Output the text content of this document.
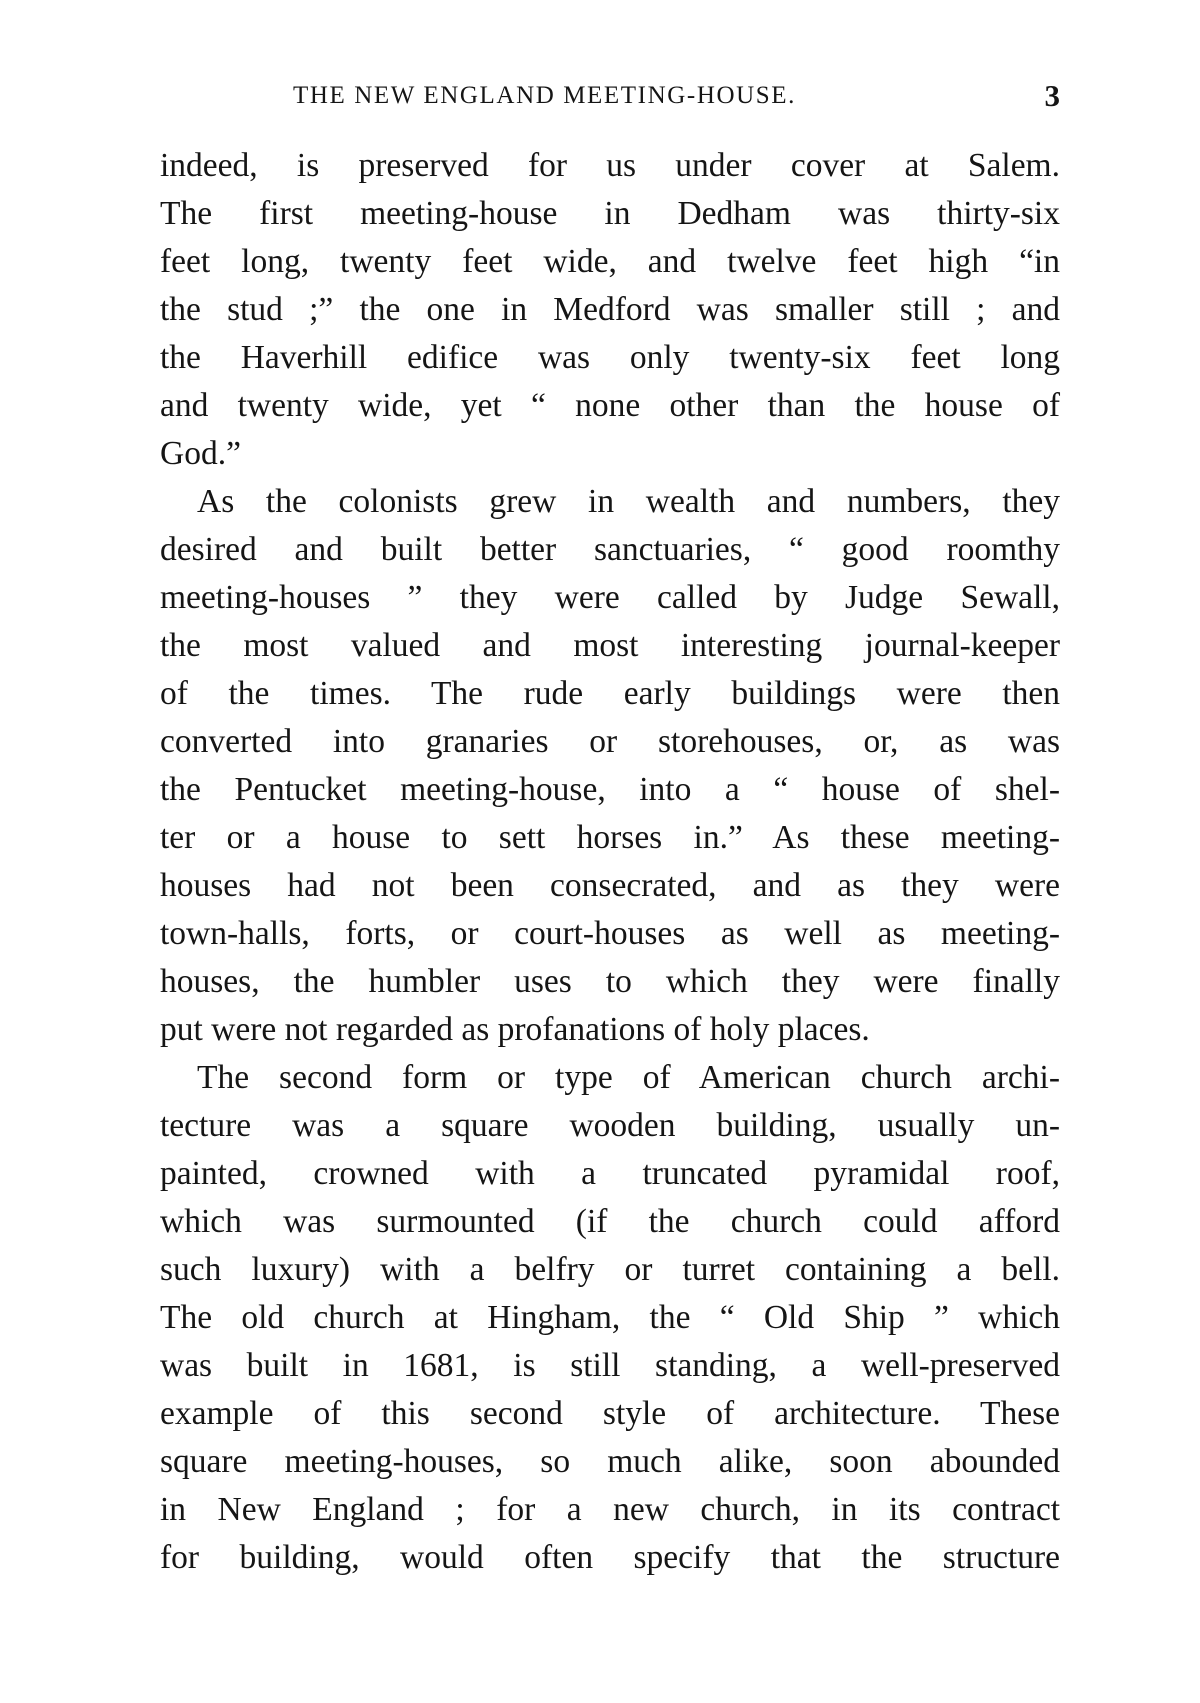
THE NEW ENGLAND MEETING-HOUSE.	3
indeed, is preserved for us under cover at Salem.
The first meeting-house in Dedham was thirty-six
feet long, twenty feet wide, and twelve feet high “in
the stud ;” the one in Medford was smaller still ; and
the Haverhill edifice was only twenty-six feet long
and twenty wide, yet “ none other than the house of
God.”
As the colonists grew in wealth and numbers, they
desired and built better sanctuaries, “ good roomthy
meeting-houses ” they were called by Judge Sewall,
the most valued and most interesting journal-keeper
of the times. The rude early buildings were then
converted into granaries or storehouses, or, as was
the Pentucket meeting-house, into a “ house of shel-
ter or a house to sett horses in.” As these meeting-
houses had not been consecrated, and as they were
town-halls, forts, or court-houses as well as meeting-
houses, the humbler uses to which they were finally
put were not regarded as profanations of holy places.
The second form or type of American church archi-
tecture was a square wooden building, usually un-
painted, crowned with a truncated pyramidal roof,
which was surmounted (if the church could afford
such luxury) with a belfry or turret containing a bell.
The old church at Hingham, the “ Old Ship ” which
was built in 1681, is still standing, a well-preserved
example of this second style of architecture. These
square meeting-houses, so much alike, soon abounded
in New England ; for a new church, in its contract
for building, would often specify that the structure
